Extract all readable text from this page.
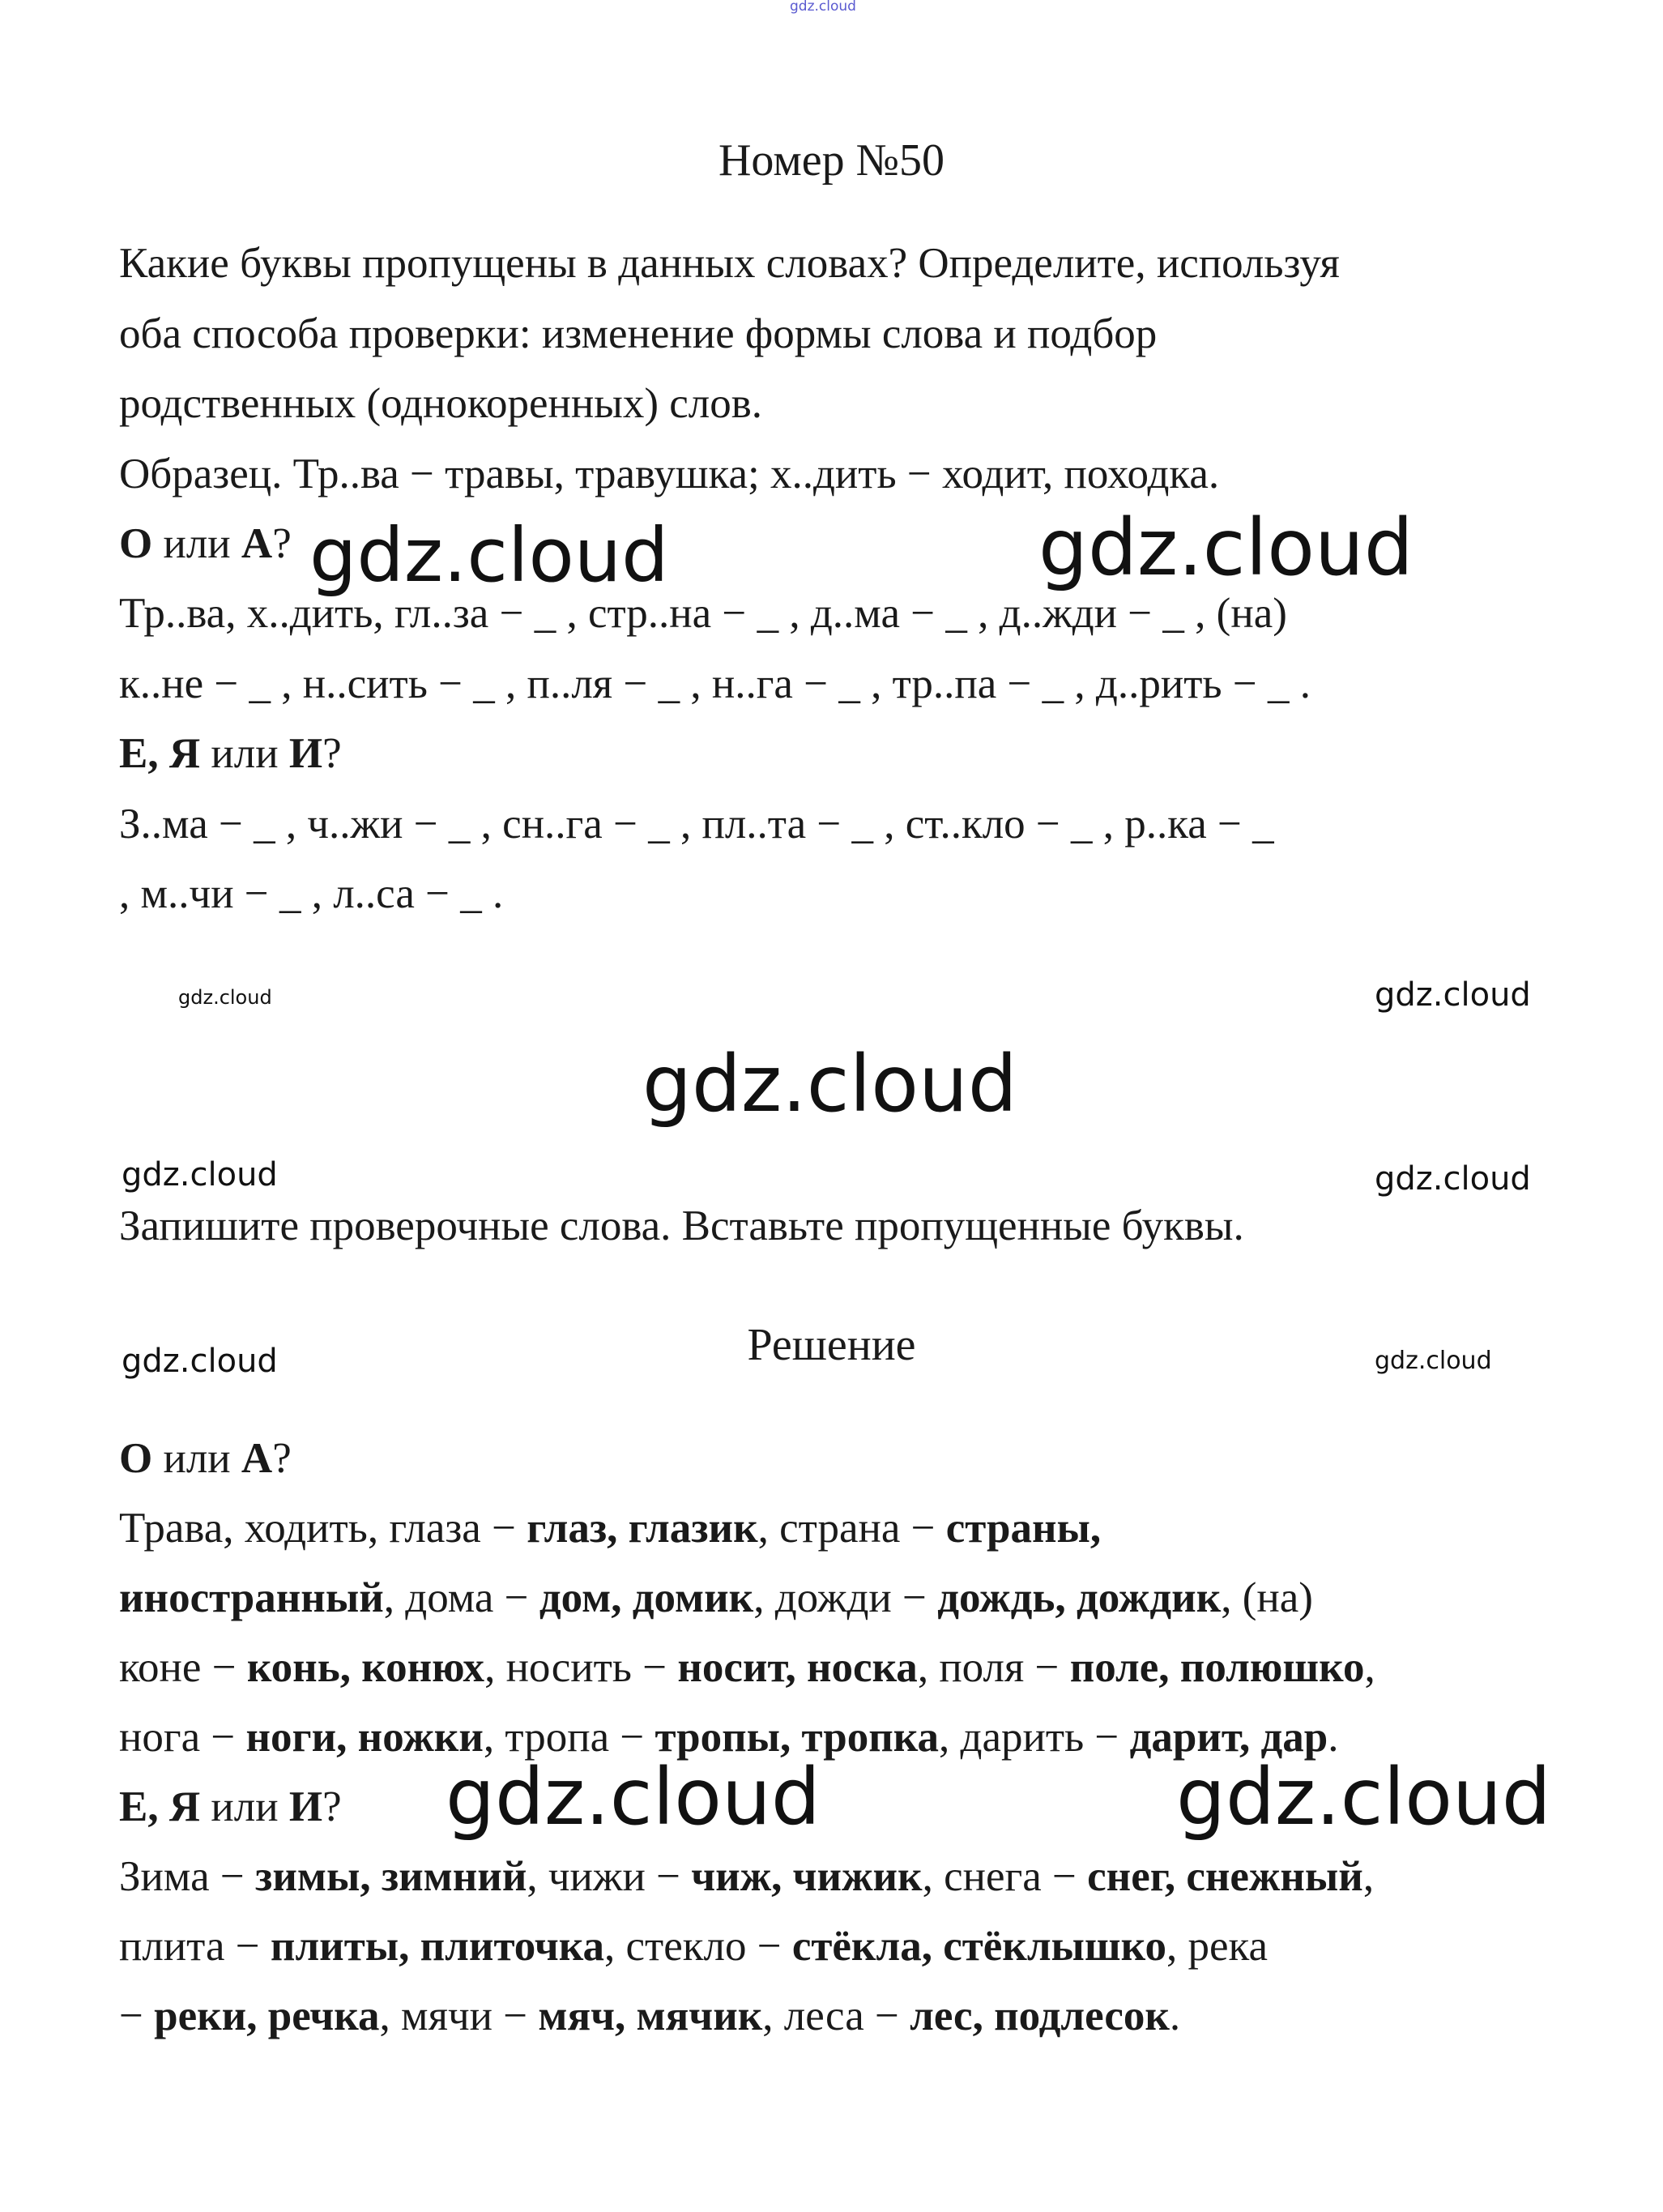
gdz.cloud
gdz.cloud	gdz.cloud
gdz.cloud	gdz.cloud
gdz.cloud
gdz.cloud	gdz.cloud
gdz.cloud	gdz.cloud
gdz.cloud	gdz.cloud
Номер №50
Какие буквы пропущены в данных словах? Определите, используя
оба способа проверки: изменение формы слова и подбор
родственных (однокоренных) слов.
Образец. Тр..ва − травы, травушка; х..дить − ходит, походка.
О или А?
Тр..ва, х..дить, гл..за − _ , стр..на − _ , д..ма − _ , д..жди − _ , (на)
к..не − _ , н..сить − _ , п..ля − _ , н..га − _ , тр..па − _ , д..рить − _ .
Е, Я или И?
З..ма − _ , ч..жи − _ , сн..га − _ , пл..та − _ , ст..кло − _ , р..ка − _
, м..чи − _ , л..са − _ .
Запишите проверочные слова. Вставьте пропущенные буквы.
Решение
О или А?
Трава, ходить, глаза − глаз, глазик, страна − страны,
иностранный, дома − дом, домик, дожди − дождь, дождик, (на)
коне − конь, конюх, носить − носит, носка, поля − поле, полюшко,
нога − ноги, ножки, тропа − тропы, тропка, дарить − дарит, дар.
Е, Я или И?
Зима − зимы, зимний, чижи − чиж, чижик, снега − снег, снежный,
плита − плиты, плиточка, стекло − стёкла, стёклышко, река
− реки, речка, мячи − мяч, мячик, леса − лес, подлесок.
